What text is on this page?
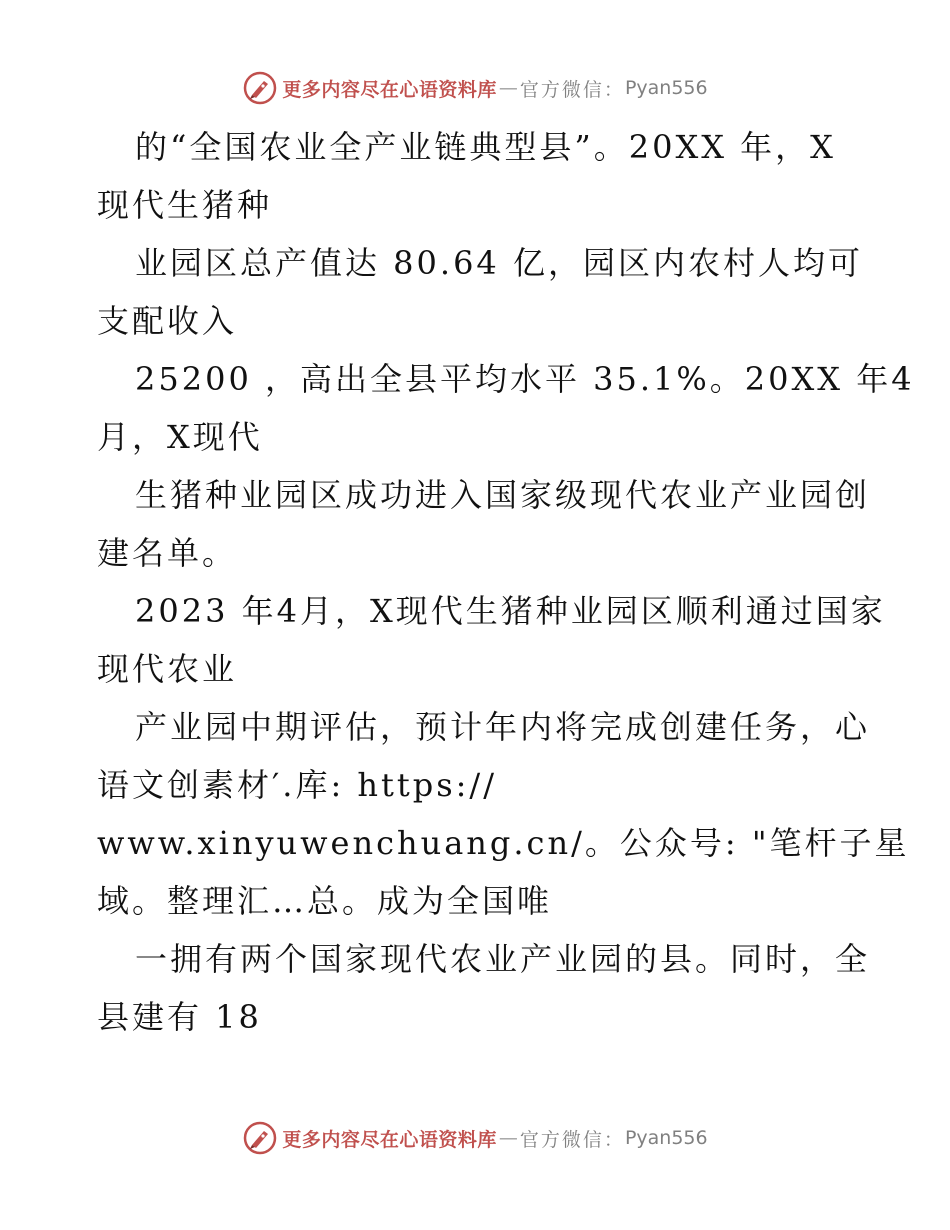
更多内容尽在心语资料库 — 官方微信： Pyan556
的“全国农业全产业链典型县”。20XX 年，X
现代生猪种
业园区总产值达 80.64 亿，园区内农村人均可
支配收入
25200 ，高出全县平均水平 35.1%。20XX 年4
月，X现代
生猪种业园区成功进入国家级现代农业产业园创
建名单。
2023 年4月，X现代生猪种业园区顺利通过国家
现代农业
产业园中期评估，预计年内将完成创建任务，心
语文创素材′.库: https://
www.xinyuwenchuang.cn/。公众号: "笔杆子星
域。整理汇…总。成为全国唯
一拥有两个国家现代农业产业园的县。同时，全
县建有 18
更多内容尽在心语资料库 — 官方微信： Pyan556
